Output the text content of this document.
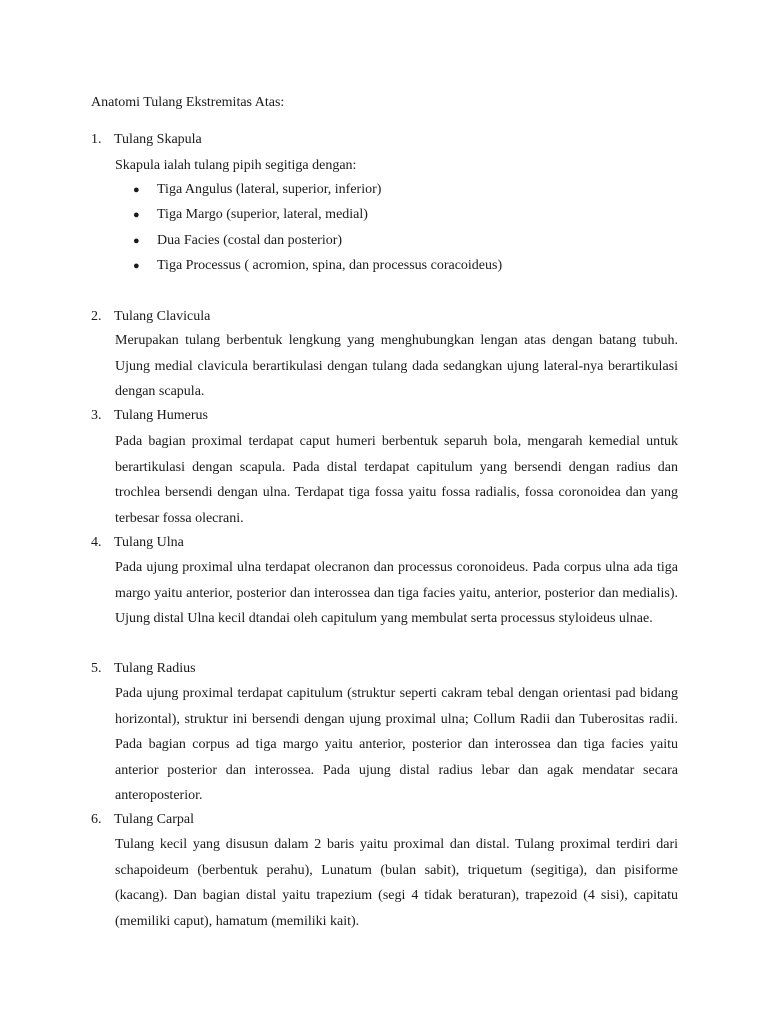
Anatomi Tulang Ekstremitas Atas:
1. Tulang Skapula
Skapula ialah tulang pipih segitiga dengan:
● Tiga Angulus (lateral, superior, inferior)
● Tiga Margo (superior, lateral, medial)
● Dua Facies (costal dan posterior)
● Tiga Processus ( acromion, spina, dan processus coracoideus)
2. Tulang Clavicula
Merupakan tulang berbentuk lengkung yang menghubungkan lengan atas dengan batang tubuh. Ujung medial clavicula berartikulasi dengan tulang dada sedangkan ujung lateral-nya berartikulasi dengan scapula.
3. Tulang Humerus
Pada bagian proximal terdapat caput humeri berbentuk separuh bola, mengarah kemedial untuk berartikulasi dengan scapula. Pada distal terdapat capitulum yang bersendi dengan radius dan trochlea bersendi dengan ulna. Terdapat tiga fossa yaitu fossa radialis, fossa coronoidea dan yang terbesar fossa olecrani.
4. Tulang Ulna
Pada ujung proximal ulna terdapat olecranon dan processus coronoideus. Pada corpus ulna ada tiga margo yaitu anterior, posterior dan interossea dan tiga facies yaitu, anterior, posterior dan medialis). Ujung distal Ulna kecil dtandai oleh capitulum yang membulat serta processus styloideus ulnae.
5. Tulang Radius
Pada ujung proximal terdapat capitulum (struktur seperti cakram tebal dengan orientasi pad bidang horizontal), struktur ini bersendi dengan ujung proximal ulna; Collum Radii dan Tuberositas radii. Pada bagian corpus ad tiga margo yaitu anterior, posterior dan interossea dan tiga facies yaitu anterior posterior dan interossea. Pada ujung distal radius lebar dan agak mendatar secara anteroposterior.
6. Tulang Carpal
Tulang kecil yang disusun dalam 2 baris yaitu proximal dan distal. Tulang proximal terdiri dari schapoideum (berbentuk perahu), Lunatum (bulan sabit), triquetum (segitiga), dan pisiforme (kacang). Dan bagian distal yaitu trapezium (segi 4 tidak beraturan), trapezoid (4 sisi), capitatu (memiliki caput), hamatum (memiliki kait).
